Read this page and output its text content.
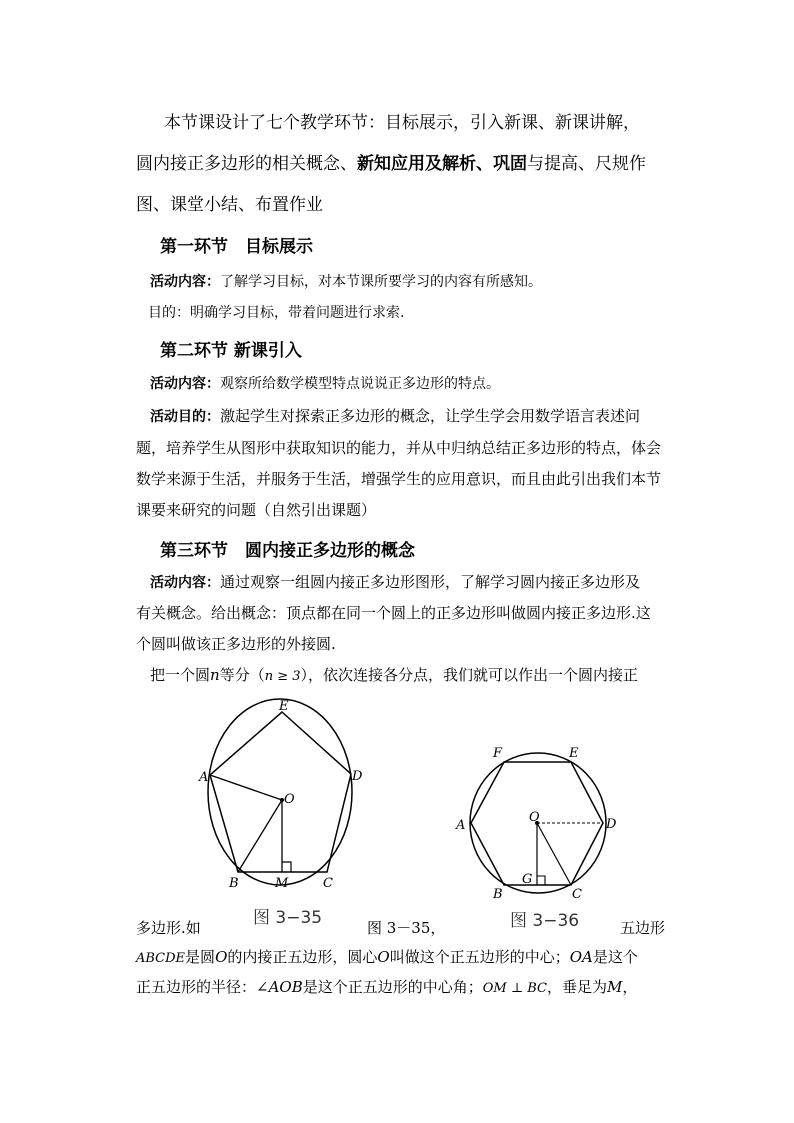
本节课设计了七个教学环节：目标展示，引入新课、新课讲解，
圆内接正多边形的相关概念、新知应用及解析、巩固与提高、尺规作
图、课堂小结、布置作业
第一环节　目标展示
活动内容：了解学习目标，对本节课所要学习的内容有所感知。
目的：明确学习目标，带着问题进行求索.
第二环节 新课引入
活动内容：观察所给数学模型特点说说正多边形的特点。
活动目的：激起学生对探索正多边形的概念，让学生学会用数学语言表述问
题，培养学生从图形中获取知识的能力，并从中归纳总结正多边形的特点，体会
数学来源于生活，并服务于生活，增强学生的应用意识，而且由此引出我们本节
课要来研究的问题（自然引出课题）
第三环节　圆内接正多边形的概念
活动内容：通过观察一组圆内接正多边形图形，了解学习圆内接正多边形及
有关概念。给出概念：顶点都在同一个圆上的正多边形叫做圆内接正多边形.这
个圆叫做该正多边形的外接圆.
把一个圆n等分（n ≥ 3），依次连接各分点，我们就可以作出一个圆内接正
E
A	D
O
B	M	C
图 3−35
F	E
A	D
O
G
B	C
图 3−36
多边形.如	图 3－35，	五边形
ABCDE是圆O的内接正五边形，圆心O叫做这个正五边形的中心；OA是这个
正五边形的半径：∠AOB是这个正五边形的中心角；OM ⊥ BC，垂足为M，
